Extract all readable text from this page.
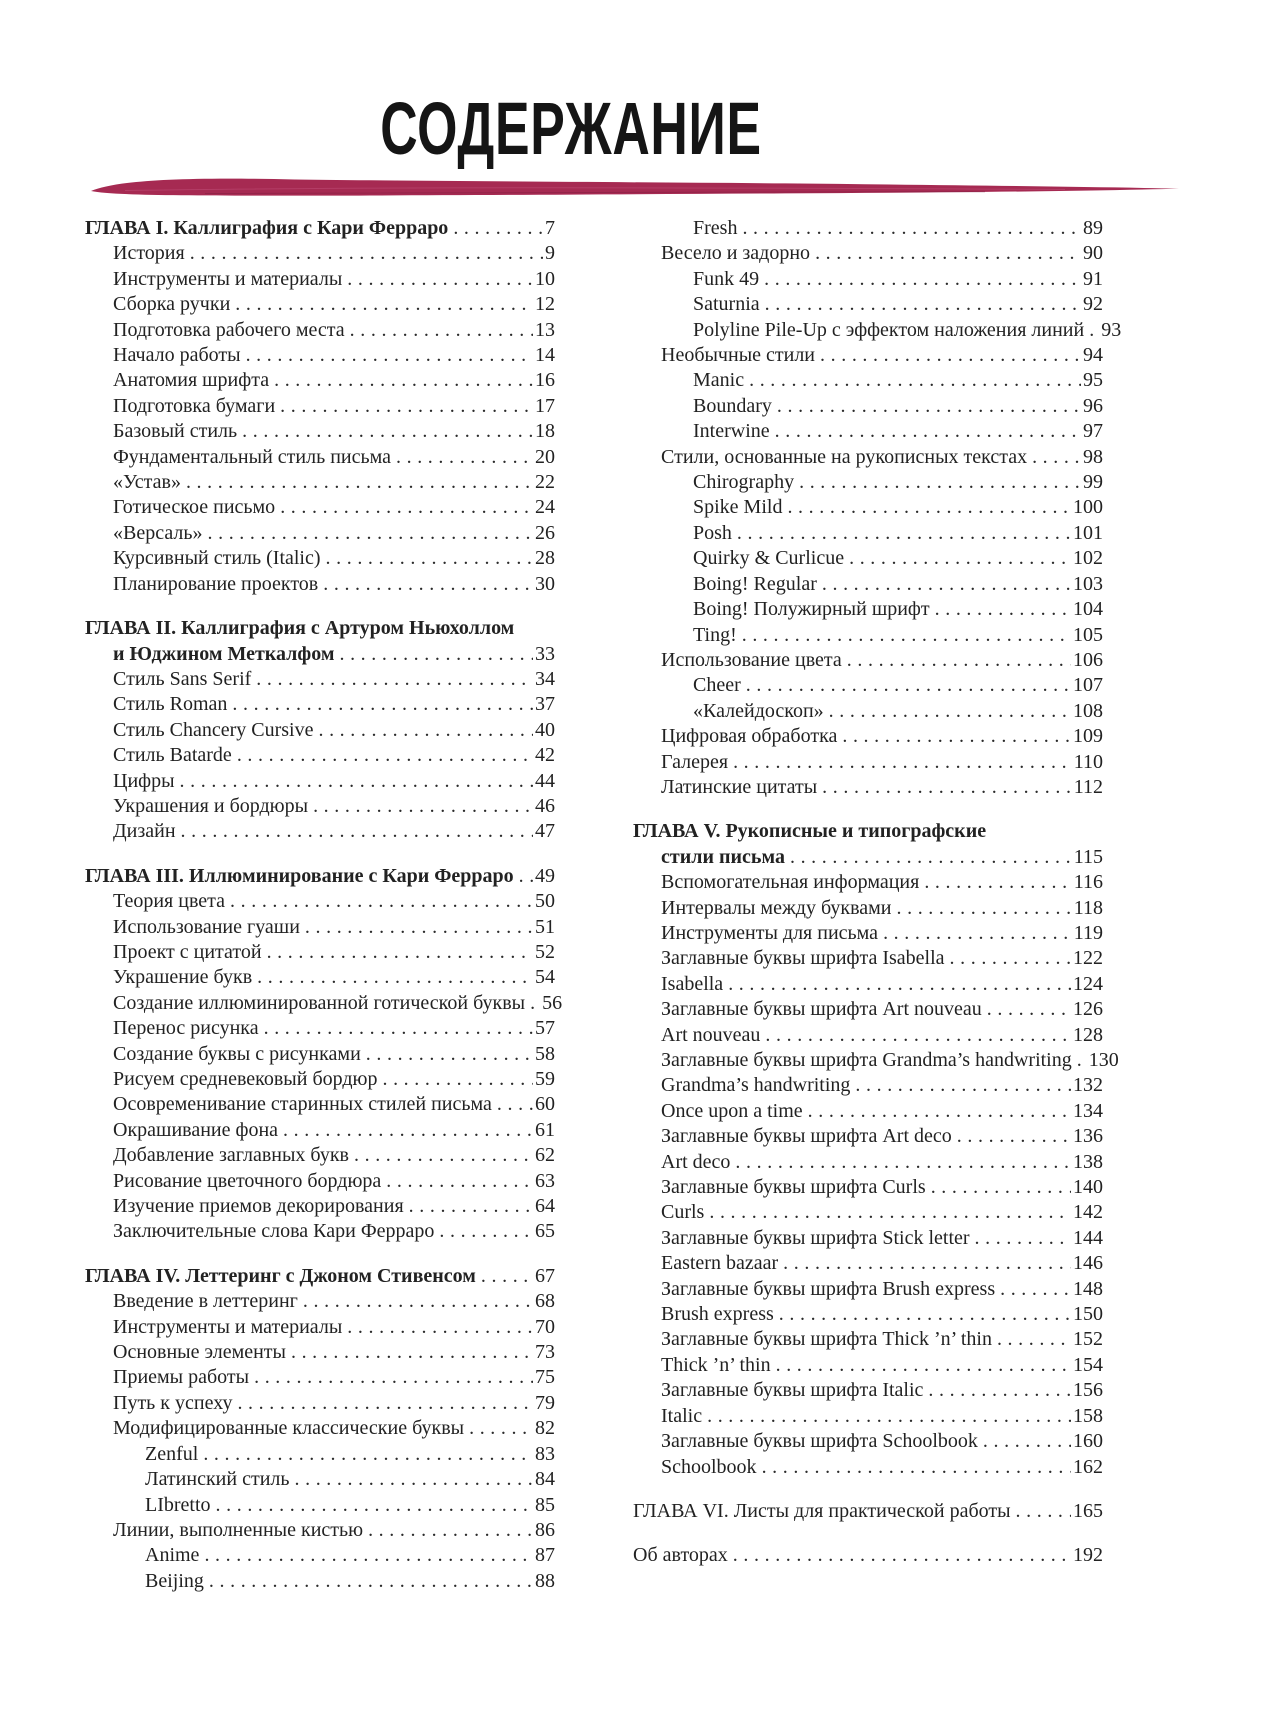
СОДЕРЖАНИЕ
ГЛАВА I. Каллиграфия с Кари Ферраро .....	7
История .....	9
Инструменты и материалы .....	10
Сборка ручки .....	12
Подготовка рабочего места .....	13
Начало работы .....	14
Анатомия шрифта .....	16
Подготовка бумаги .....	17
Базовый стиль .....	18
Фундаментальный стиль письма .....	20
«Устав» .....	22
Готическое письмо .....	24
«Версаль» .....	26
Курсивный стиль (Italic) .....	28
Планирование проектов .....	30
ГЛАВА II. Каллиграфия с Артуром Ньюхоллом
и Юджином Меткалфом .....	33
Стиль Sans Serif .....	34
Стиль Roman .....	37
Стиль Chancery Cursive .....	40
Стиль Batarde .....	42
Цифры .....	44
Украшения и бордюры .....	46
Дизайн .....	47
ГЛАВА III. Иллюминирование с Кари Ферраро ..... 49
Теория цвета .....	50
Использование гуаши .....	51
Проект с цитатой .....	52
Украшение букв .....	54
Создание иллюминированной готической буквы ..... 56
Перенос рисунка .....	57
Создание буквы с рисунками .....	58
Рисуем средневековый бордюр .....	59
Осовременивание старинных стилей письма ..... 60
Окрашивание фона .....	61
Добавление заглавных букв .....	62
Рисование цветочного бордюра .....	63
Изучение приемов декорирования .....	64
Заключительные слова Кари Ферраро .....	65
ГЛАВА IV. Леттеринг с Джоном Стивенсом .....	67
Введение в леттеринг .....	68
Инструменты и материалы .....	70
Основные элементы .....	73
Приемы работы .....	75
Путь к успеху .....	79
Модифицированные классические буквы .....	82
Zenful .....	83
Латинский стиль .....	84
LIbretto .....	85
Линии, выполненные кистью .....	86
Anime .....	87
Beijing .....	88
Fresh .....	89
Весело и задорно .....	90
Funk 49 .....	91
Saturnia .....	92
Polyline Pile-Up с эффектом наложения линий ..... 93
Необычные стили .....	94
Manic .....	95
Boundary .....	96
Interwine .....	97
Стили, основанные на рукописных текстах .....	98
Chirography .....	99
Spike Mild .....	100
Posh .....	101
Quirky & Curlicue .....	102
Boing! Regular .....	103
Boing! Полужирный шрифт .....	104
Ting! .....	105
Использование цвета .....	106
Cheer .....	107
«Калейдоскоп» .....	108
Цифровая обработка .....	109
Галерея .....	110
Латинские цитаты .....	112
ГЛАВА V. Рукописные и типографские
стили письма .....	115
Вспомогательная информация .....	116
Интервалы между буквами .....	118
Инструменты для письма .....	119
Заглавные буквы шрифта Isabella .....	122
Isabella .....	124
Заглавные буквы шрифта Art nouveau .....	126
Art nouveau .....	128
Заглавные буквы шрифта Grandma’s handwriting ..... 130
Grandma’s handwriting .....	132
Once upon a time .....	134
Заглавные буквы шрифта Art deco .....	136
Art deco .....	138
Заглавные буквы шрифта Curls .....	140
Curls .....	142
Заглавные буквы шрифта Stick letter .....	144
Eastern bazaar .....	146
Заглавные буквы шрифта Brush express .....	148
Brush express .....	150
Заглавные буквы шрифта Thick ’n’ thin .....	152
Thick ’n’ thin .....	154
Заглавные буквы шрифта Italic .....	156
Italic .....	158
Заглавные буквы шрифта Schoolbook .....	160
Schoolbook .....	162
ГЛАВА VI. Листы для практической работы .....	165
Об авторах .....	192
